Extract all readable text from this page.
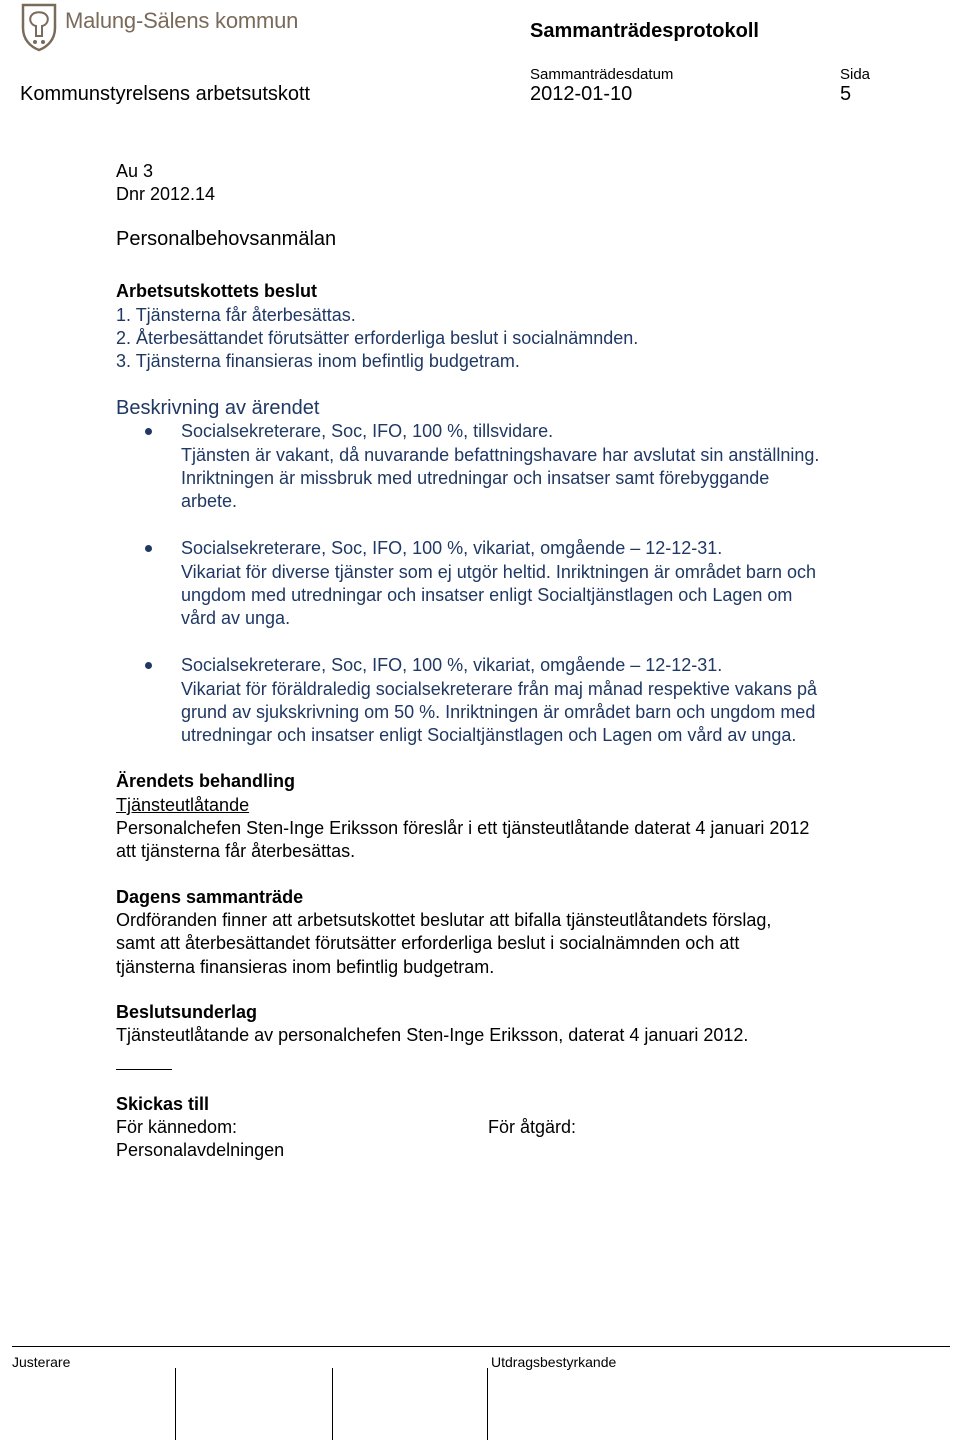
Malung-Sälens kommun	Sammanträdesprotokoll
Sammanträdesdatum	Sida
Kommunstyrelsens arbetsutskott	2012-01-10	5
Au 3
Dnr 2012.14
Personalbehovsanmälan
Arbetsutskottets beslut
1. Tjänsterna får återbesättas.
2. Återbesättandet förutsätter erforderliga beslut i socialnämnden.
3. Tjänsterna finansieras inom befintlig budgetram.
Beskrivning av ärendet
Socialsekreterare, Soc, IFO, 100 %, tillsvidare.
Tjänsten är vakant, då nuvarande befattningshavare har avslutat sin anställning.
Inriktningen är missbruk med utredningar och insatser samt förebyggande
arbete.
Socialsekreterare, Soc, IFO, 100 %, vikariat, omgående – 12-12-31.
Vikariat för diverse tjänster som ej utgör heltid. Inriktningen är området barn och
ungdom med utredningar och insatser enligt Socialtjänstlagen och Lagen om
vård av unga.
Socialsekreterare, Soc, IFO, 100 %, vikariat, omgående – 12-12-31.
Vikariat för föräldraledig socialsekreterare från maj månad respektive vakans på
grund av sjukskrivning om 50 %. Inriktningen är området barn och ungdom med
utredningar och insatser enligt Socialtjänstlagen och Lagen om vård av unga.
Ärendets behandling
Tjänsteutlåtande
Personalchefen Sten-Inge Eriksson föreslår i ett tjänsteutlåtande daterat 4 januari 2012
att tjänsterna får återbesättas.
Dagens sammanträde
Ordföranden finner att arbetsutskottet beslutar att bifalla tjänsteutlåtandets förslag,
samt att återbesättandet förutsätter erforderliga beslut i socialnämnden och att
tjänsterna finansieras inom befintlig budgetram.
Beslutsunderlag
Tjänsteutlåtande av personalchefen Sten-Inge Eriksson, daterat 4 januari 2012.
Skickas till
För kännedom:	För åtgärd:
Personalavdelningen
Justerare	Utdragsbestyrkande
